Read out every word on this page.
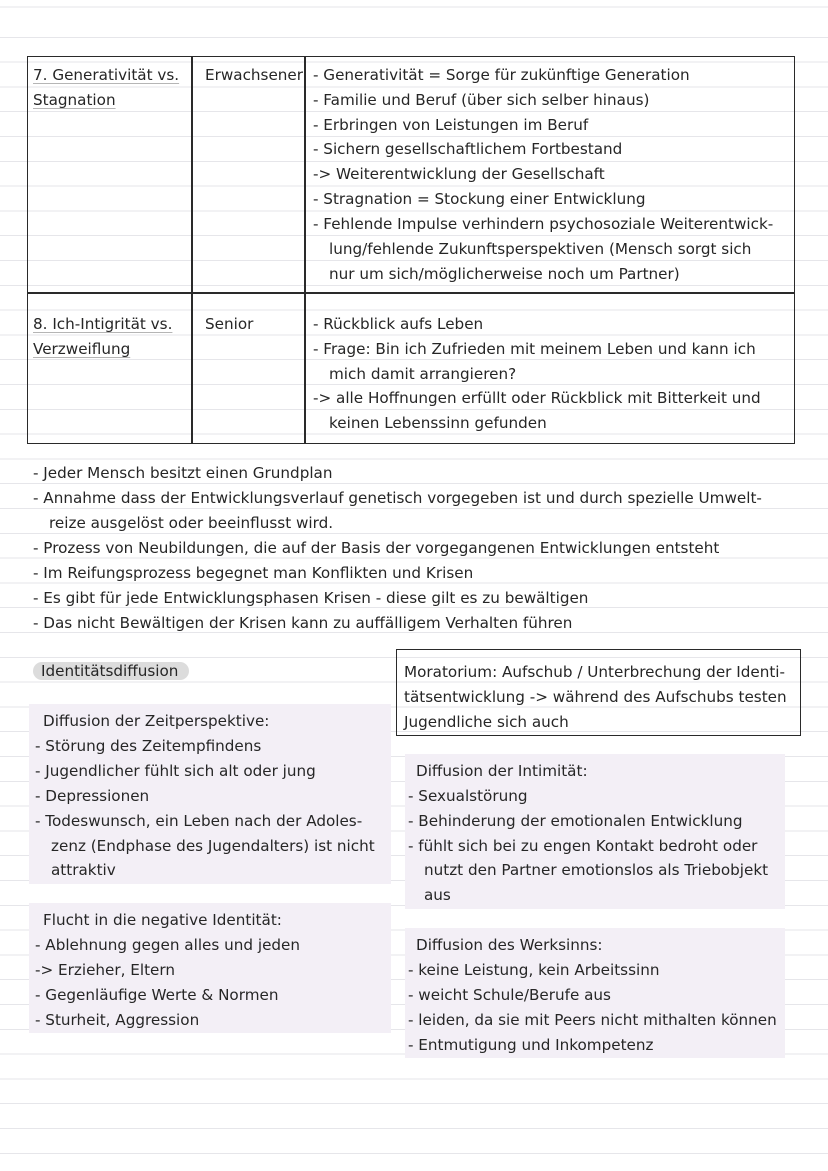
7. Generativität vs.
Stagnation
Erwachsener - Generativität = Sorge für zukünftige Generation
- Familie und Beruf (über sich selber hinaus)
- Erbringen von Leistungen im Beruf
- Sichern gesellschaftlichem Fortbestand
-> Weiterentwicklung der Gesellschaft
- Stragnation = Stockung einer Entwicklung
- Fehlende Impulse verhindern psychosoziale Weiterentwick-
lung/fehlende Zukunftsperspektiven (Mensch sorgt sich
nur um sich/möglicherweise noch um Partner)
8. Ich-Intigrität vs.
Verzweiflung
Senior	- Rückblick aufs Leben
- Frage: Bin ich Zufrieden mit meinem Leben und kann ich
mich damit arrangieren?
-> alle Hoffnungen erfüllt oder Rückblick mit Bitterkeit und
keinen Lebenssinn gefunden
- Jeder Mensch besitzt einen Grundplan
- Annahme dass der Entwicklungsverlauf genetisch vorgegeben ist und durch spezielle Umwelt-
reize ausgelöst oder beeinflusst wird.
- Prozess von Neubildungen, die auf der Basis der vorgegangenen Entwicklungen entsteht
- Im Reifungsprozess begegnet man Konflikten und Krisen
- Es gibt für jede Entwicklungsphasen Krisen - diese gilt es zu bewältigen
- Das nicht Bewältigen der Krisen kann zu auffälligem Verhalten führen
Identitätsdiffusion	Moratorium: Aufschub / Unterbrechung der Identi-
tätsentwicklung -> während des Aufschubs testen
Jugendliche sich auch
Diffusion der Zeitperspektive:
- Störung des Zeitempfindens
- Jugendlicher fühlt sich alt oder jung
- Depressionen
- Todeswunsch, ein Leben nach der Adoles-
zenz (Endphase des Jugendalters) ist nicht
attraktiv
Diffusion der Intimität:
- Sexualstörung
- Behinderung der emotionalen Entwicklung
- fühlt sich bei zu engen Kontakt bedroht oder
nutzt den Partner emotionslos als Triebobjekt
aus
Flucht in die negative Identität:
- Ablehnung gegen alles und jeden
-> Erzieher, Eltern
- Gegenläufige Werte & Normen
- Sturheit, Aggression
Diffusion des Werksinns:
- keine Leistung, kein Arbeitssinn
- weicht Schule/Berufe aus
- leiden, da sie mit Peers nicht mithalten können
- Entmutigung und Inkompetenz
